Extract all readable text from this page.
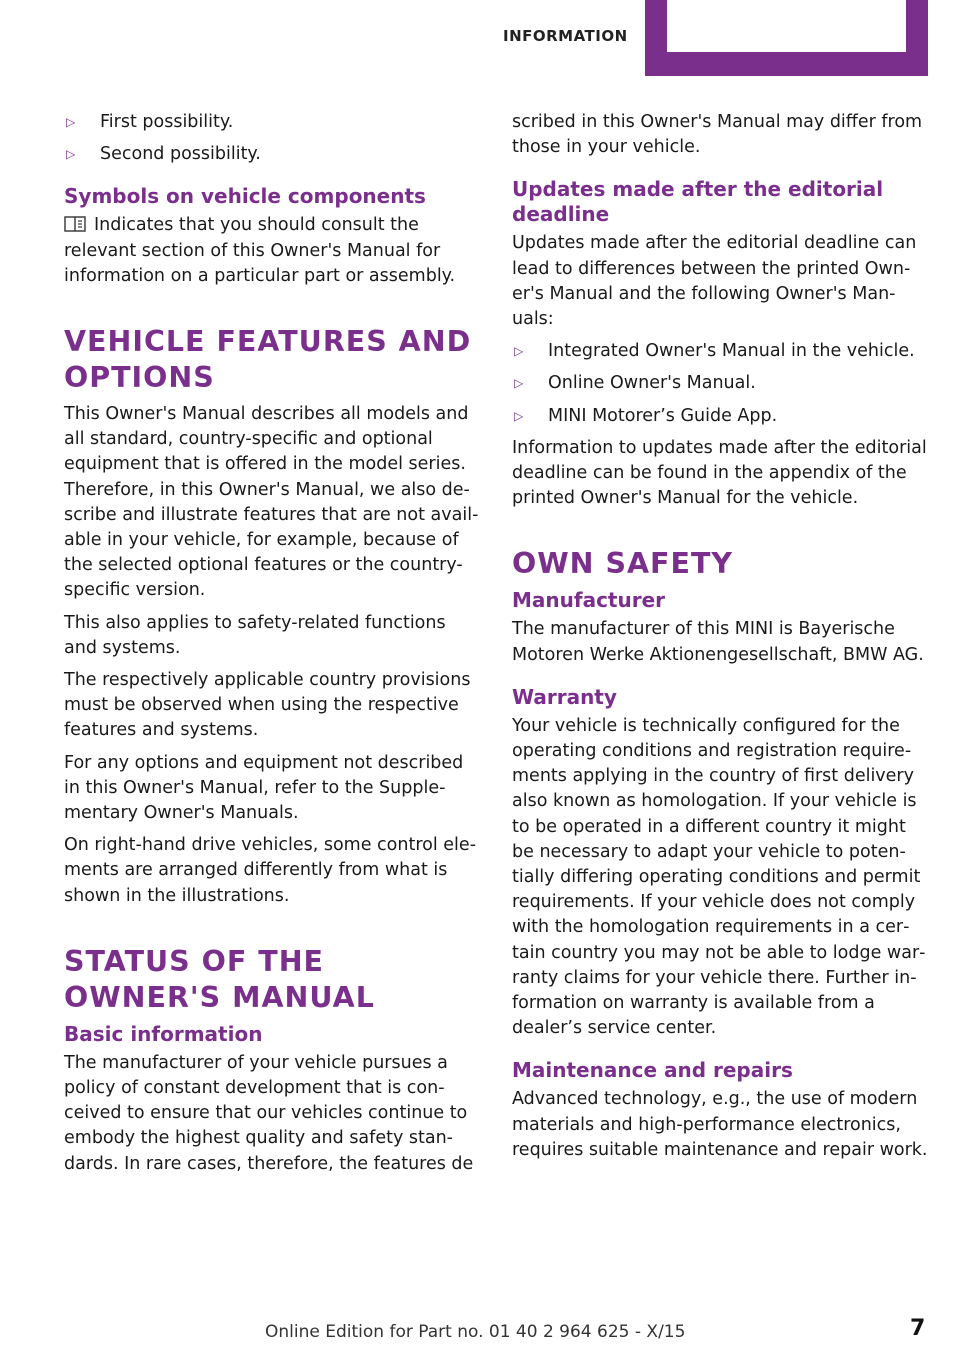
INFORMATION
▷	First possibility.
▷	Second possibility.
Symbols on vehicle components

Indicates that you should consult the relevant section of this Owner's Manual for information on a particular part or assembly.

VEHICLE FEATURES AND OPTIONS

This Owner's Manual describes all models and all standard, country-specific and optional equipment that is offered in the model series. Therefore, in this Owner's Manual, we also describe and illustrate features that are not available in your vehicle, for example, because of the selected optional features or the country-specific version.

This also applies to safety-related functions and systems.

The respectively applicable country provisions must be observed when using the respective features and systems.

For any options and equipment not described in this Owner's Manual, refer to the Supplementary Owner's Manuals.

On right-hand drive vehicles, some control elements are arranged differently from what is shown in the illustrations.

STATUS OF THE OWNER'S MANUAL
Basic information

The manufacturer of your vehicle pursues a policy of constant development that is conceived to ensure that our vehicles continue to embody the highest quality and safety standards. In rare cases, therefore, the features de

scribed in this Owner's Manual may differ from those in your vehicle.

Updates made after the editorial deadline

Updates made after the editorial deadline can lead to differences between the printed Owner's Manual and the following Owner's Manuals:

▷	Integrated Owner's Manual in the vehicle.
▷	Online Owner's Manual.
▷	MINI Motorer’s Guide App.

Information to updates made after the editorial deadline can be found in the appendix of the printed Owner's Manual for the vehicle.

OWN SAFETY
Manufacturer

The manufacturer of this MINI is Bayerische Motoren Werke Aktionengesellschaft, BMW AG.

Warranty

Your vehicle is technically configured for the operating conditions and registration requirements applying in the country of first delivery also known as homologation. If your vehicle is to be operated in a different country it might be necessary to adapt your vehicle to potentially differing operating conditions and permit requirements. If your vehicle does not comply with the homologation requirements in a certain country you may not be able to lodge warranty claims for your vehicle there. Further information on warranty is available from a dealer’s service center.

Maintenance and repairs

Advanced technology, e.g., the use of modern materials and high-performance electronics, requires suitable maintenance and repair work.

Online Edition for Part no. 01 40 2 964 625 - X/15	7
